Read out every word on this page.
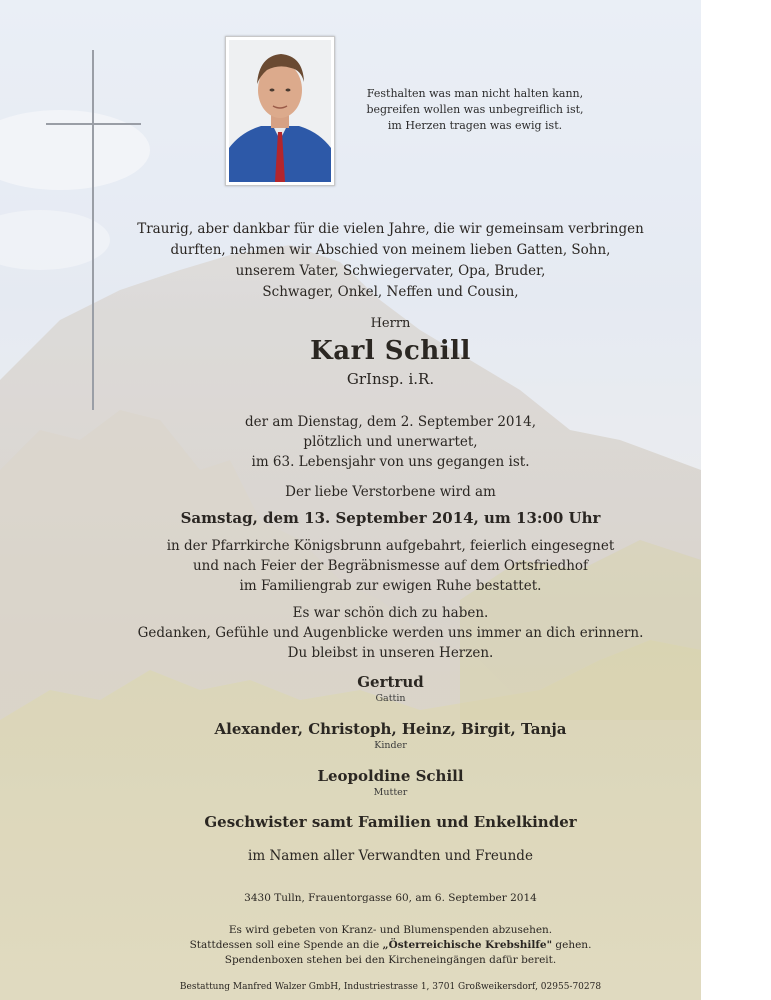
Festhalten was man nicht halten kann,
begreifen wollen was unbegreiflich ist,
im Herzen tragen was ewig ist.
Traurig, aber dankbar für die vielen Jahre, die wir gemeinsam verbringen
durften, nehmen wir Abschied von meinem lieben Gatten, Sohn,
unserem Vater, Schwiegervater, Opa, Bruder,
Schwager, Onkel, Neffen und Cousin,
Herrn
Karl Schill
GrInsp. i.R.
der am Dienstag, dem 2. September 2014,
plötzlich und unerwartet,
im 63. Lebensjahr von uns gegangen ist.
Der liebe Verstorbene wird am
Samstag, dem 13. September 2014, um 13:00 Uhr
in der Pfarrkirche Königsbrunn aufgebahrt, feierlich eingesegnet
und nach Feier der Begräbnismesse auf dem Ortsfriedhof
im Familiengrab zur ewigen Ruhe bestattet.
Es war schön dich zu haben.
Gedanken, Gefühle und Augenblicke werden uns immer an dich erinnern.
Du bleibst in unseren Herzen.
Gertrud
Gattin
Alexander, Christoph, Heinz, Birgit, Tanja
Kinder
Leopoldine Schill
Mutter
Geschwister samt Familien und Enkelkinder
im Namen aller Verwandten und Freunde
3430 Tulln, Frauentorgasse 60, am 6. September 2014
Es wird gebeten von Kranz- und Blumenspenden abzusehen.
Stattdessen soll eine Spende an die „Österreichische Krebshilfe" gehen.
Spendenboxen stehen bei den Kircheneingängen dafür bereit.
Bestattung Manfred Walzer GmbH, Industriestrasse 1, 3701 Großweikersdorf, 02955-70278
